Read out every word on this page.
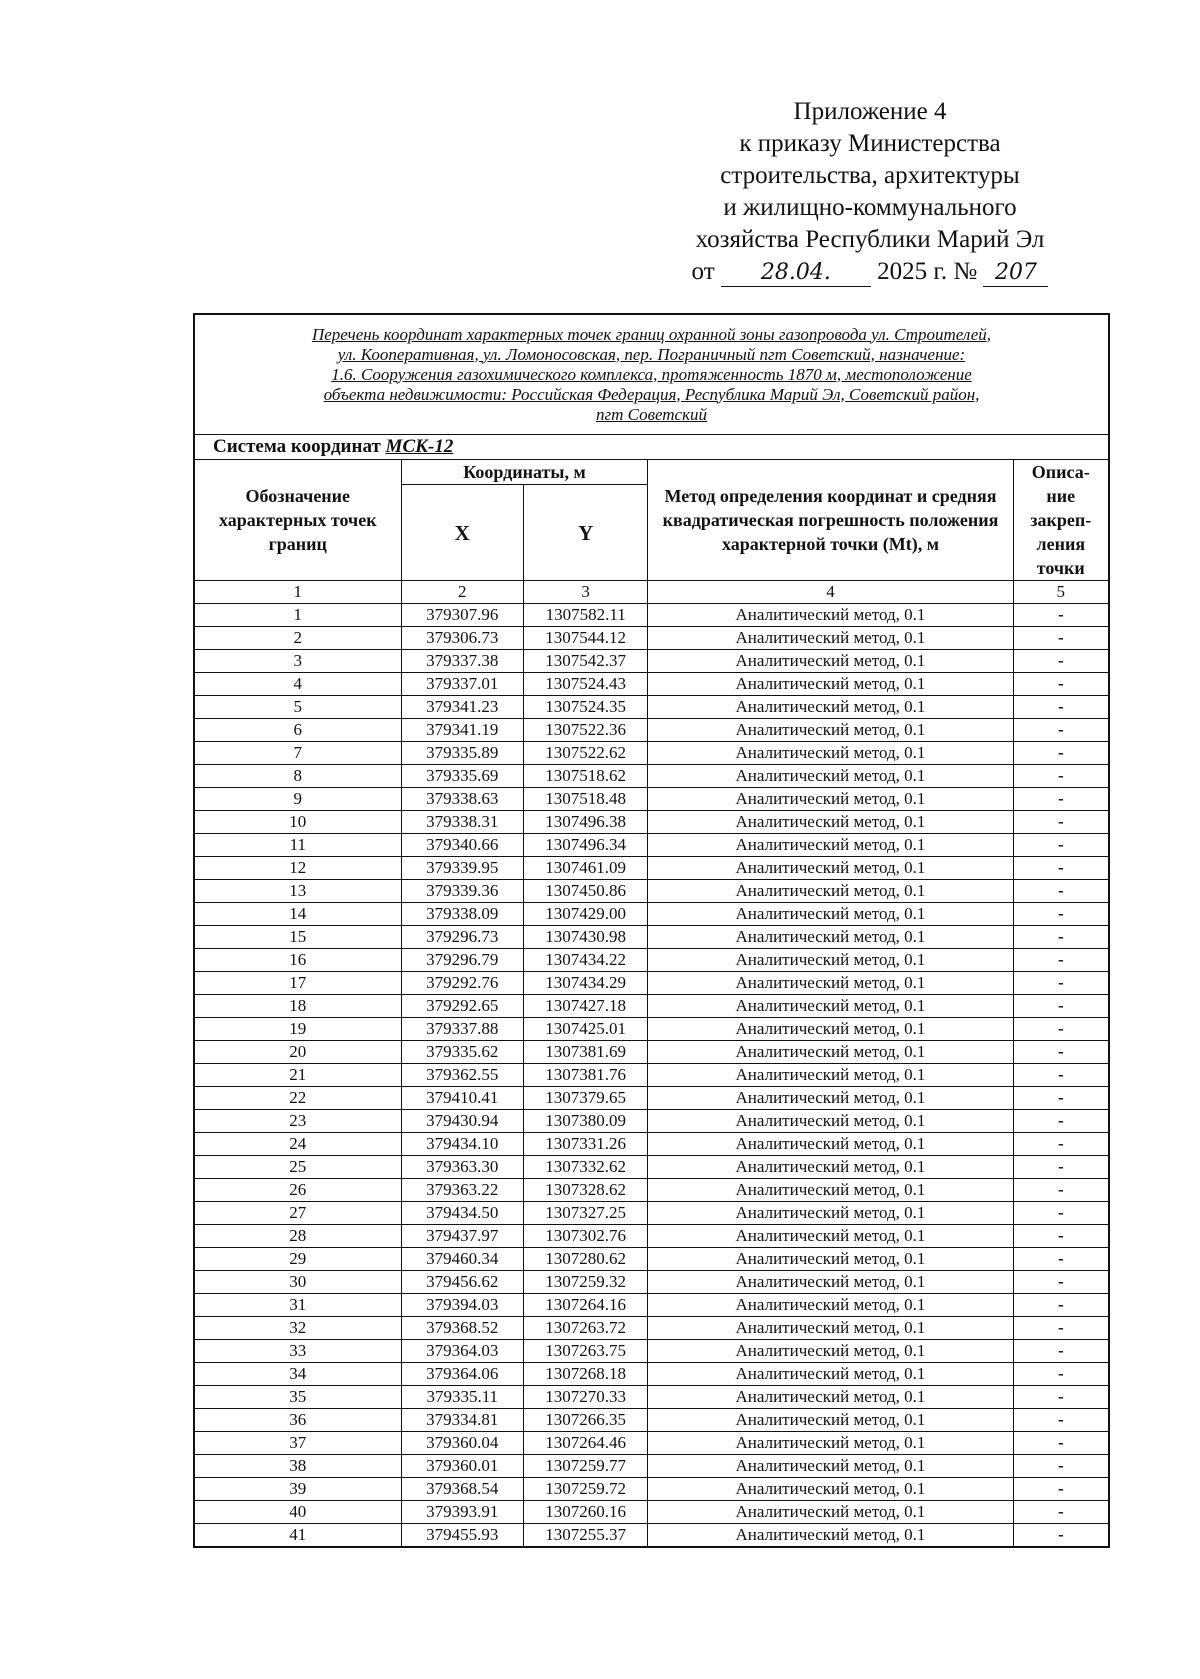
Приложение 4
к приказу Министерства
строительства, архитектуры
и жилищно-коммунального
хозяйства Республики Марий Эл
от 28.04. 2025 г. № 207
Перечень координат характерных точек границ охранной зоны газопровода ул. Строителей,
ул. Кооперативная, ул. Ломоносовская, пер. Пограничный пгт Советский, назначение:
1.6. Сооружения газохимического комплекса, протяженность 1870 м, местоположение
объекта недвижимости: Российская Федерация, Республика Марий Эл, Советский район,
пгт Советский				

Система координат МСК-12				
Обозначение характерных точек границ	Координаты, м		Метод определения координат и средняя квадратическая погрешность положения характерной точки (Mt), м	Описа-ние закреп-ления точки
	X	Y		
1	2	3	4	5
1	379307.96	1307582.11	Аналитический метод, 0.1	-
2	379306.73	1307544.12	Аналитический метод, 0.1	-
3	379337.38	1307542.37	Аналитический метод, 0.1	-
4	379337.01	1307524.43	Аналитический метод, 0.1	-
5	379341.23	1307524.35	Аналитический метод, 0.1	-
6	379341.19	1307522.36	Аналитический метод, 0.1	-
7	379335.89	1307522.62	Аналитический метод, 0.1	-
8	379335.69	1307518.62	Аналитический метод, 0.1	-
9	379338.63	1307518.48	Аналитический метод, 0.1	-
10	379338.31	1307496.38	Аналитический метод, 0.1	-
11	379340.66	1307496.34	Аналитический метод, 0.1	-
12	379339.95	1307461.09	Аналитический метод, 0.1	-
13	379339.36	1307450.86	Аналитический метод, 0.1	-
14	379338.09	1307429.00	Аналитический метод, 0.1	-
15	379296.73	1307430.98	Аналитический метод, 0.1	-
16	379296.79	1307434.22	Аналитический метод, 0.1	-
17	379292.76	1307434.29	Аналитический метод, 0.1	-
18	379292.65	1307427.18	Аналитический метод, 0.1	-
19	379337.88	1307425.01	Аналитический метод, 0.1	-
20	379335.62	1307381.69	Аналитический метод, 0.1	-
21	379362.55	1307381.76	Аналитический метод, 0.1	-
22	379410.41	1307379.65	Аналитический метод, 0.1	-
23	379430.94	1307380.09	Аналитический метод, 0.1	-
24	379434.10	1307331.26	Аналитический метод, 0.1	-
25	379363.30	1307332.62	Аналитический метод, 0.1	-
26	379363.22	1307328.62	Аналитический метод, 0.1	-
27	379434.50	1307327.25	Аналитический метод, 0.1	-
28	379437.97	1307302.76	Аналитический метод, 0.1	-
29	379460.34	1307280.62	Аналитический метод, 0.1	-
30	379456.62	1307259.32	Аналитический метод, 0.1	-
31	379394.03	1307264.16	Аналитический метод, 0.1	-
32	379368.52	1307263.72	Аналитический метод, 0.1	-
33	379364.03	1307263.75	Аналитический метод, 0.1	-
34	379364.06	1307268.18	Аналитический метод, 0.1	-
35	379335.11	1307270.33	Аналитический метод, 0.1	-
36	379334.81	1307266.35	Аналитический метод, 0.1	-
37	379360.04	1307264.46	Аналитический метод, 0.1	-
38	379360.01	1307259.77	Аналитический метод, 0.1	-
39	379368.54	1307259.72	Аналитический метод, 0.1	-
40	379393.91	1307260.16	Аналитический метод, 0.1	-
41	379455.93	1307255.37	Аналитический метод, 0.1	-
